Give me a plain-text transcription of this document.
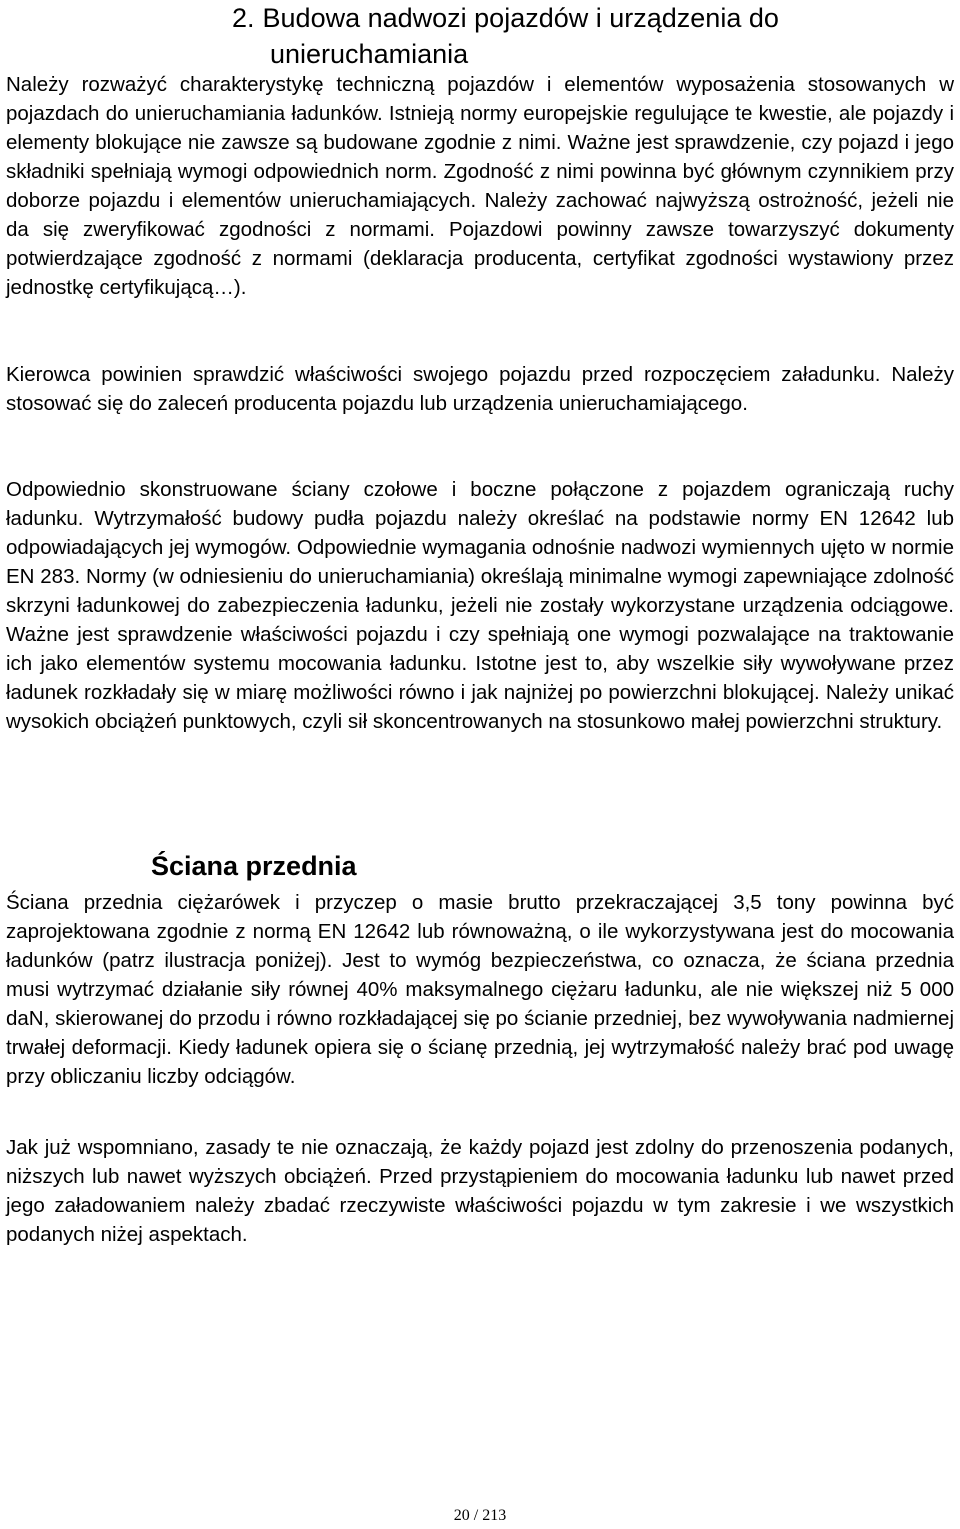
2. Budowa nadwozi pojazdów i urządzenia do
unieruchamiania

Należy rozważyć charakterystykę techniczną pojazdów i elementów wyposażenia stosowanych w pojazdach do unieruchamiania ładunków. Istnieją normy europejskie regulujące te kwestie, ale pojazdy i elementy blokujące nie zawsze są budowane zgodnie z nimi. Ważne jest sprawdzenie, czy pojazd i jego składniki spełniają wymogi odpowiednich norm. Zgodność z nimi powinna być głównym czynnikiem przy doborze pojazdu i elementów unieruchamiających. Należy zachować najwyższą ostrożność, jeżeli nie da się zweryfikować zgodności z normami. Pojazdowi powinny zawsze towarzyszyć dokumenty potwierdzające zgodność z normami (deklaracja producenta, certyfikat zgodności wystawiony przez jednostkę certyfikującą…).

Kierowca powinien sprawdzić właściwości swojego pojazdu przed rozpoczęciem załadunku. Należy stosować się do zaleceń producenta pojazdu lub urządzenia unieruchamiającego.

Odpowiednio skonstruowane ściany czołowe i boczne połączone z pojazdem ograniczają ruchy ładunku. Wytrzymałość budowy pudła pojazdu należy określać na podstawie normy EN 12642 lub odpowiadających jej wymogów. Odpowiednie wymagania odnośnie nadwozi wymiennych ujęto w normie EN 283. Normy (w odniesieniu do unieruchamiania) określają minimalne wymogi zapewniające zdolność skrzyni ładunkowej do zabezpieczenia ładunku, jeżeli nie zostały wykorzystane urządzenia odciągowe. Ważne jest sprawdzenie właściwości pojazdu i czy spełniają one wymogi pozwalające na traktowanie ich jako elementów systemu mocowania ładunku. Istotne jest to, aby wszelkie siły wywoływane przez ładunek rozkładały się w miarę możliwości równo i jak najniżej po powierzchni blokującej. Należy unikać wysokich obciążeń punktowych, czyli sił skoncentrowanych na stosunkowo małej powierzchni struktury.

Ściana przednia

Ściana przednia ciężarówek i przyczep o masie brutto przekraczającej 3,5 tony powinna być zaprojektowana zgodnie z normą EN 12642 lub równoważną, o ile wykorzystywana jest do mocowania ładunków (patrz ilustracja poniżej). Jest to wymóg bezpieczeństwa, co oznacza, że ściana przednia musi wytrzymać działanie siły równej 40% maksymalnego ciężaru ładunku, ale nie większej niż 5 000 daN, skierowanej do przodu i równo rozkładającej się po ścianie przedniej, bez wywoływania nadmiernej trwałej deformacji. Kiedy ładunek opiera się o ścianę przednią, jej wytrzymałość należy brać pod uwagę przy obliczaniu liczby odciągów.

Jak już wspomniano, zasady te nie oznaczają, że każdy pojazd jest zdolny do przenoszenia podanych, niższych lub nawet wyższych obciążeń. Przed przystąpieniem do mocowania ładunku lub nawet przed jego załadowaniem należy zbadać rzeczywiste właściwości pojazdu w tym zakresie i we wszystkich podanych niżej aspektach.

20 / 213
